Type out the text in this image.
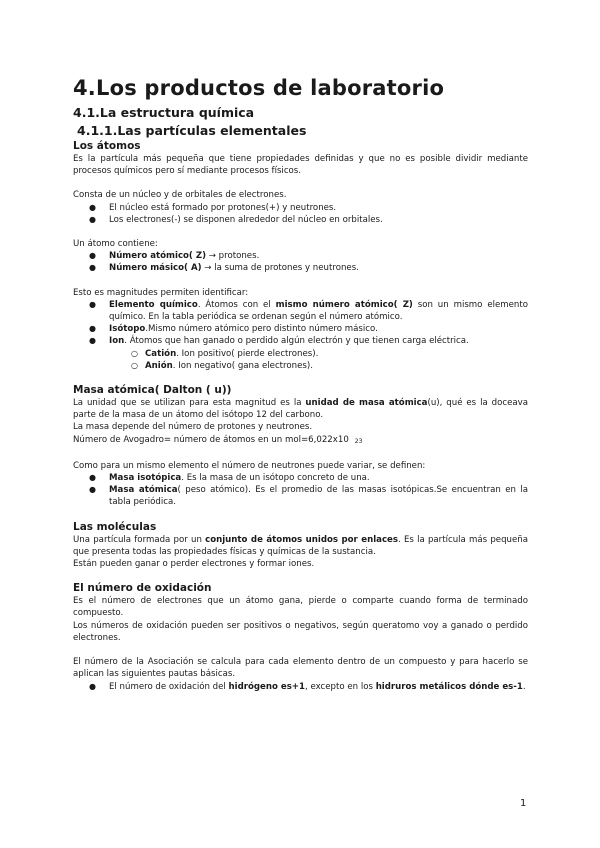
4.Los productos de laboratorio
4.1.La estructura química
4.1.1.Las partículas elementales
Los átomos

Es la partícula más pequeña que tiene propiedades definidas y que no es posible dividir mediante procesos químicos pero sí mediante procesos físicos.

Consta de un núcleo y de orbitales de electrones.

● El núcleo está formado por protones(+) y neutrones.
● Los electrones(-) se disponen alrededor del núcleo en orbitales.

Un átomo contiene:

● Número atómico( Z) → protones.
● Número másico( A) → la suma de protones y neutrones.

Esto es magnitudes permiten identificar:

● Elemento químico. Átomos con el mismo número atómico( Z) son un mismo elemento químico. En la tabla periódica se ordenan según el número atómico.
● Isótopo.Mismo número atómico pero distinto número másico.
● Ion. Átomos que han ganado o perdido algún electrón y que tienen carga eléctrica.
○ Catión. Ion positivo( pierde electrones).
○ Anión. Ion negativo( gana electrones).
Masa atómica( Dalton ( u))

La unidad que se utilizan para esta magnitud es la unidad de masa atómica(u), qué es la doceava parte de la masa de un átomo del isótopo 12 del carbono.

La masa depende del número de protones y neutrones.

Número de Avogadro= número de átomos en un mol=6,022x10 23

Como para un mismo elemento el número de neutrones puede variar, se definen:

● Masa isotópica. Es la masa de un isótopo concreto de una.
● Masa atómica( peso atómico). Es el promedio de las masas isotópicas.Se encuentran en la tabla periódica.
Las moléculas

Una partícula formada por un conjunto de átomos unidos por enlaces. Es la partícula más pequeña que presenta todas las propiedades físicas y químicas de la sustancia.

Están pueden ganar o perder electrones y formar iones.

El número de oxidación

Es el número de electrones que un átomo gana, pierde o comparte cuando forma de terminado compuesto.

Los números de oxidación pueden ser positivos o negativos, según queratomo voy a ganado o perdido electrones.

El número de la Asociación se calcula para cada elemento dentro de un compuesto y para hacerlo se aplican las siguientes pautas básicas.

● El número de oxidación del hidrógeno es+1, excepto en los hidruros metálicos dónde es-1.
1
